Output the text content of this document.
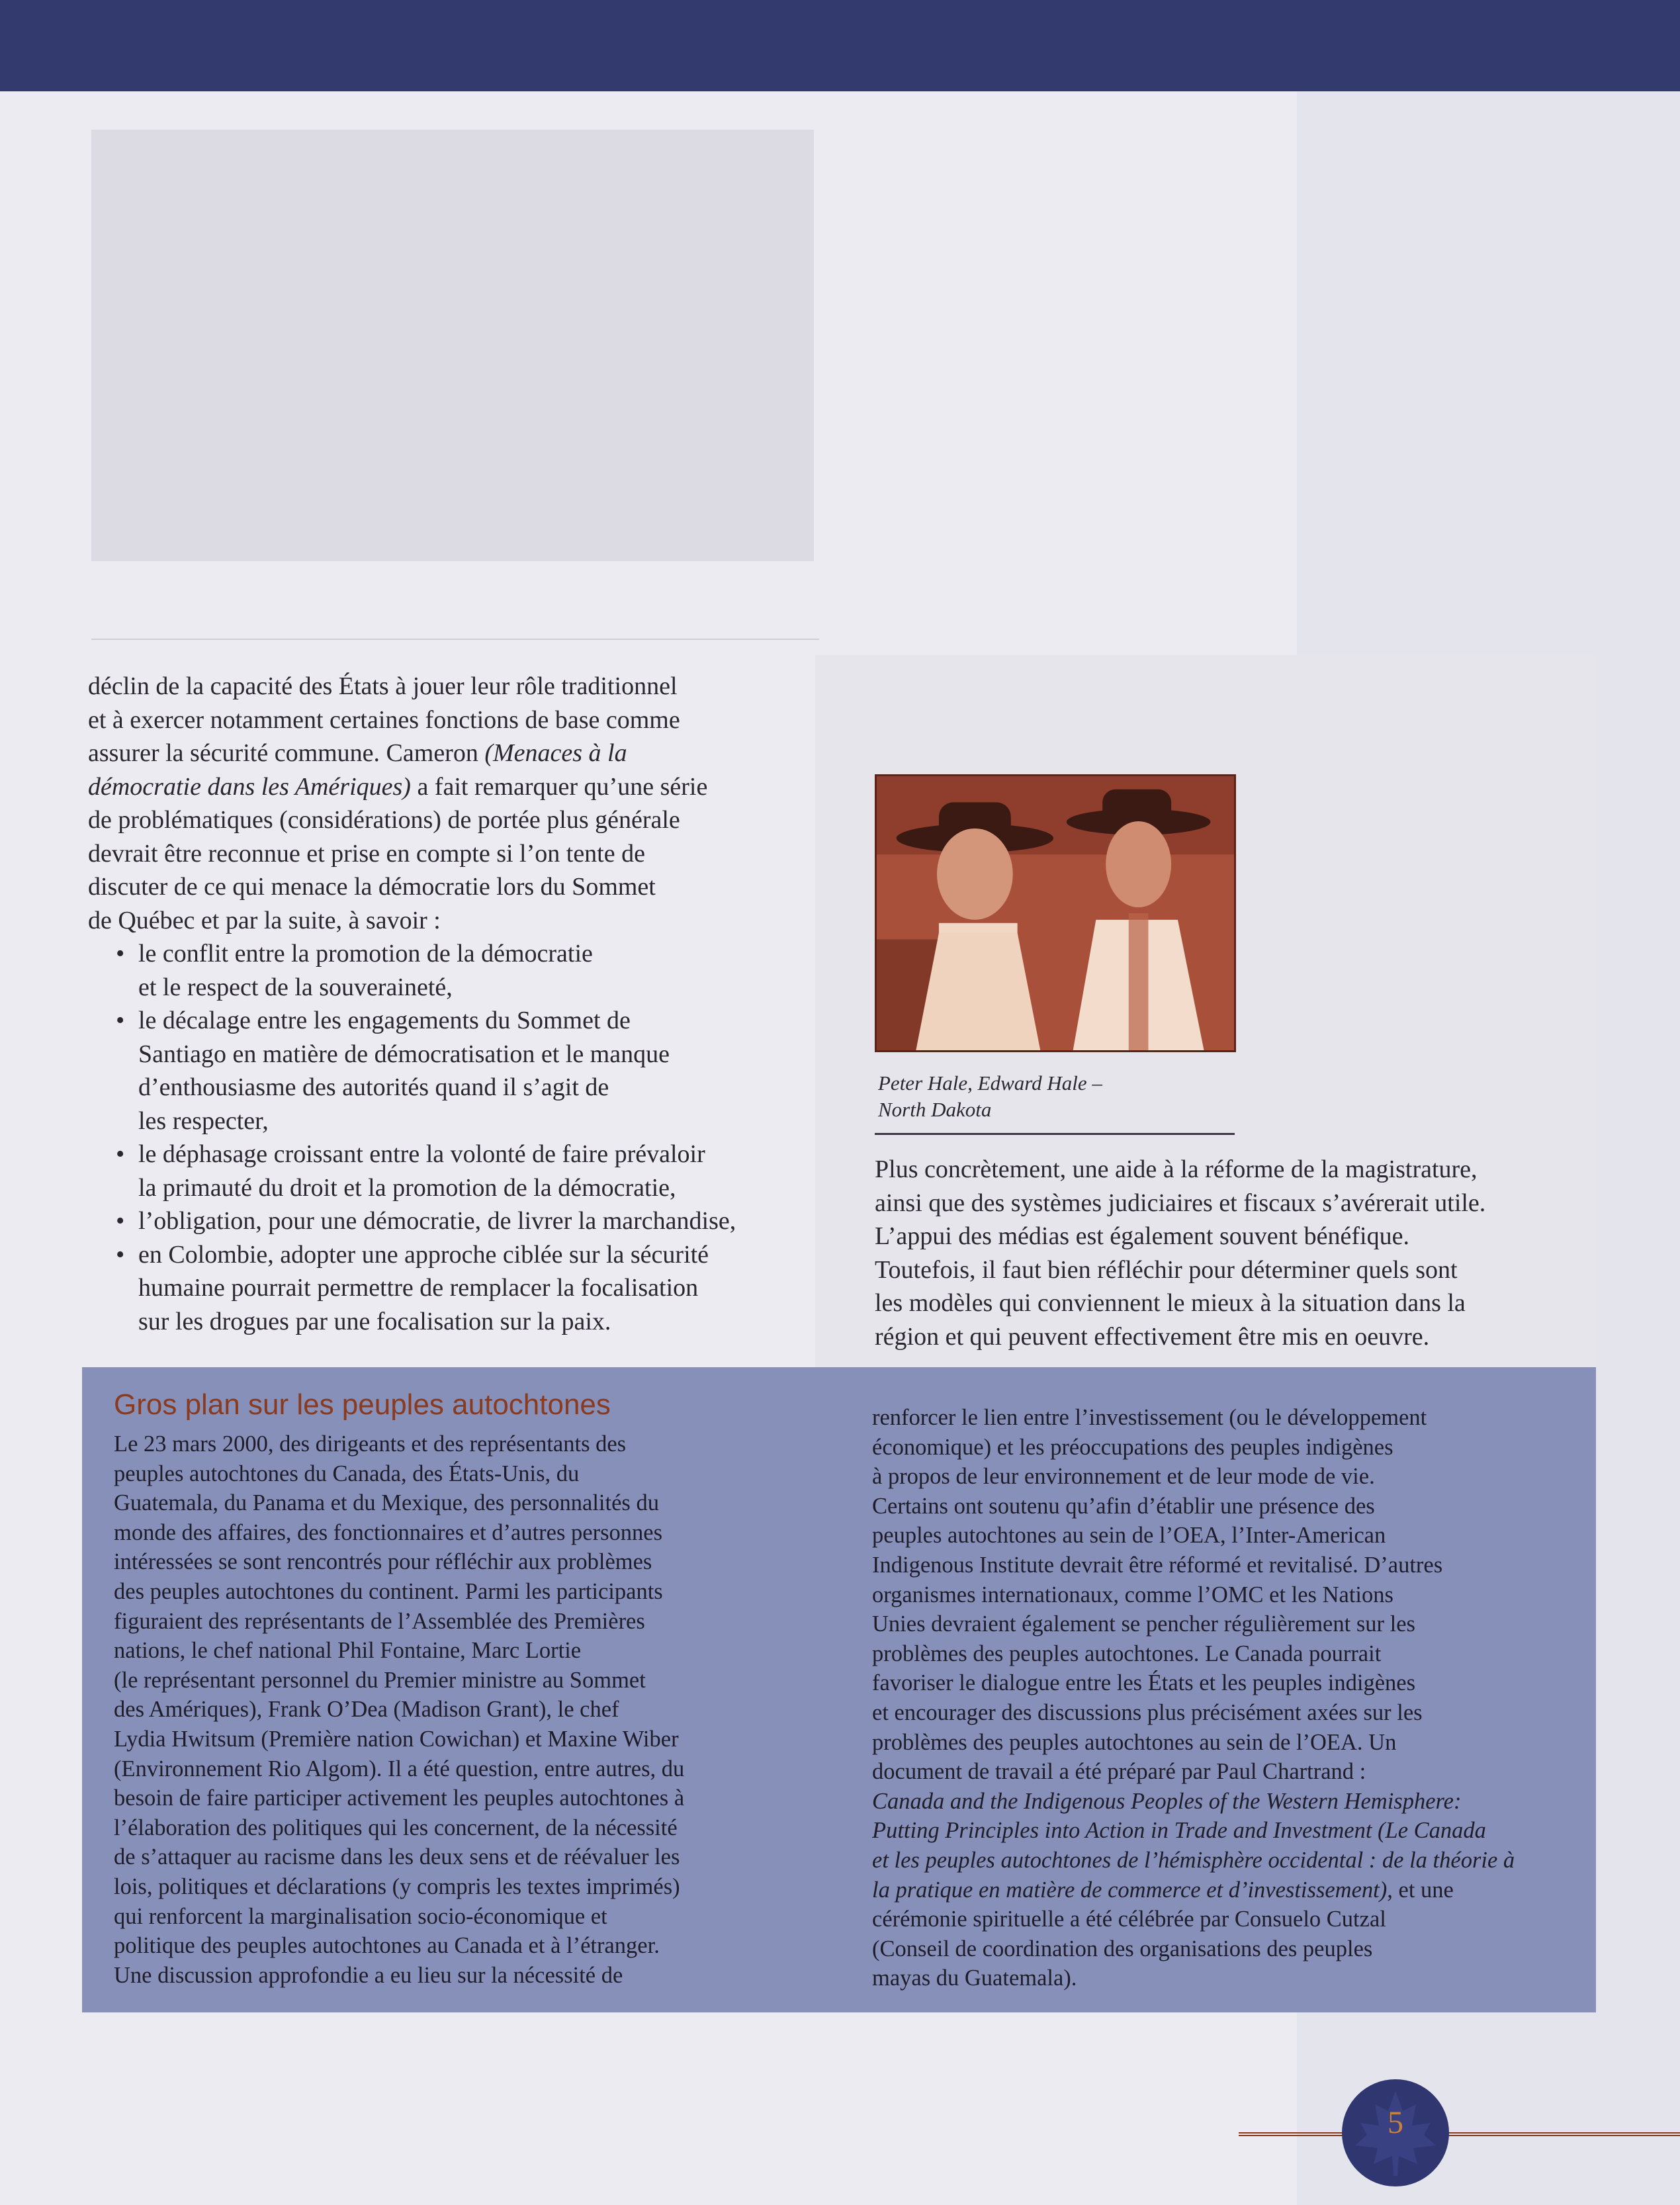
déclin de la capacité des États à jouer leur rôle traditionnel
et à exercer notamment certaines fonctions de base comme
assurer la sécurité commune. Cameron (Menaces à la
démocratie dans les Amériques) a fait remarquer qu’une série
de problématiques (considérations) de portée plus générale
devrait être reconnue et prise en compte si l’on tente de
discuter de ce qui menace la démocratie lors du Sommet
de Québec et par la suite, à savoir :

• le conflit entre la promotion de la démocratie
et le respect de la souveraineté,
• le décalage entre les engagements du Sommet de
Santiago en matière de démocratisation et le manque
d’enthousiasme des autorités quand il s’agit de
les respecter,
• le déphasage croissant entre la volonté de faire prévaloir
la primauté du droit et la promotion de la démocratie,
• l’obligation, pour une démocratie, de livrer la marchandise,
• en Colombie, adopter une approche ciblée sur la sécurité
humaine pourrait permettre de remplacer la focalisation
sur les drogues par une focalisation sur la paix.
Peter Hale, Edward Hale –
North Dakota
Plus concrètement, une aide à la réforme de la magistrature,
ainsi que des systèmes judiciaires et fiscaux s’avérerait utile.
L’appui des médias est également souvent bénéfique.
Toutefois, il faut bien réfléchir pour déterminer quels sont
les modèles qui conviennent le mieux à la situation dans la
région et qui peuvent effectivement être mis en oeuvre.
Gros plan sur les peuples autochtones
Le 23 mars 2000, des dirigeants et des représentants des
peuples autochtones du Canada, des États-Unis, du
Guatemala, du Panama et du Mexique, des personnalités du
monde des affaires, des fonctionnaires et d’autres personnes
intéressées se sont rencontrés pour réfléchir aux problèmes
des peuples autochtones du continent. Parmi les participants
figuraient des représentants de l’Assemblée des Premières
nations, le chef national Phil Fontaine, Marc Lortie
(le représentant personnel du Premier ministre au Sommet
des Amériques), Frank O’Dea (Madison Grant), le chef
Lydia Hwitsum (Première nation Cowichan) et Maxine Wiber
(Environnement Rio Algom). Il a été question, entre autres, du
besoin de faire participer activement les peuples autochtones à
l’élaboration des politiques qui les concernent, de la nécessité
de s’attaquer au racisme dans les deux sens et de réévaluer les
lois, politiques et déclarations (y compris les textes imprimés)
qui renforcent la marginalisation socio-économique et
politique des peuples autochtones au Canada et à l’étranger.
Une discussion approfondie a eu lieu sur la nécessité de
renforcer le lien entre l’investissement (ou le développement
économique) et les préoccupations des peuples indigènes
à propos de leur environnement et de leur mode de vie.
Certains ont soutenu qu’afin d’établir une présence des
peuples autochtones au sein de l’OEA, l’Inter-American
Indigenous Institute devrait être réformé et revitalisé. D’autres
organismes internationaux, comme l’OMC et les Nations
Unies devraient également se pencher régulièrement sur les
problèmes des peuples autochtones. Le Canada pourrait
favoriser le dialogue entre les États et les peuples indigènes
et encourager des discussions plus précisément axées sur les
problèmes des peuples autochtones au sein de l’OEA. Un
document de travail a été préparé par Paul Chartrand :
Canada and the Indigenous Peoples of the Western Hemisphere:
Putting Principles into Action in Trade and Investment (Le Canada
et les peuples autochtones de l’hémisphère occidental : de la théorie à
la pratique en matière de commerce et d’investissement), et une
cérémonie spirituelle a été célébrée par Consuelo Cutzal
(Conseil de coordination des organisations des peuples
mayas du Guatemala).
5
